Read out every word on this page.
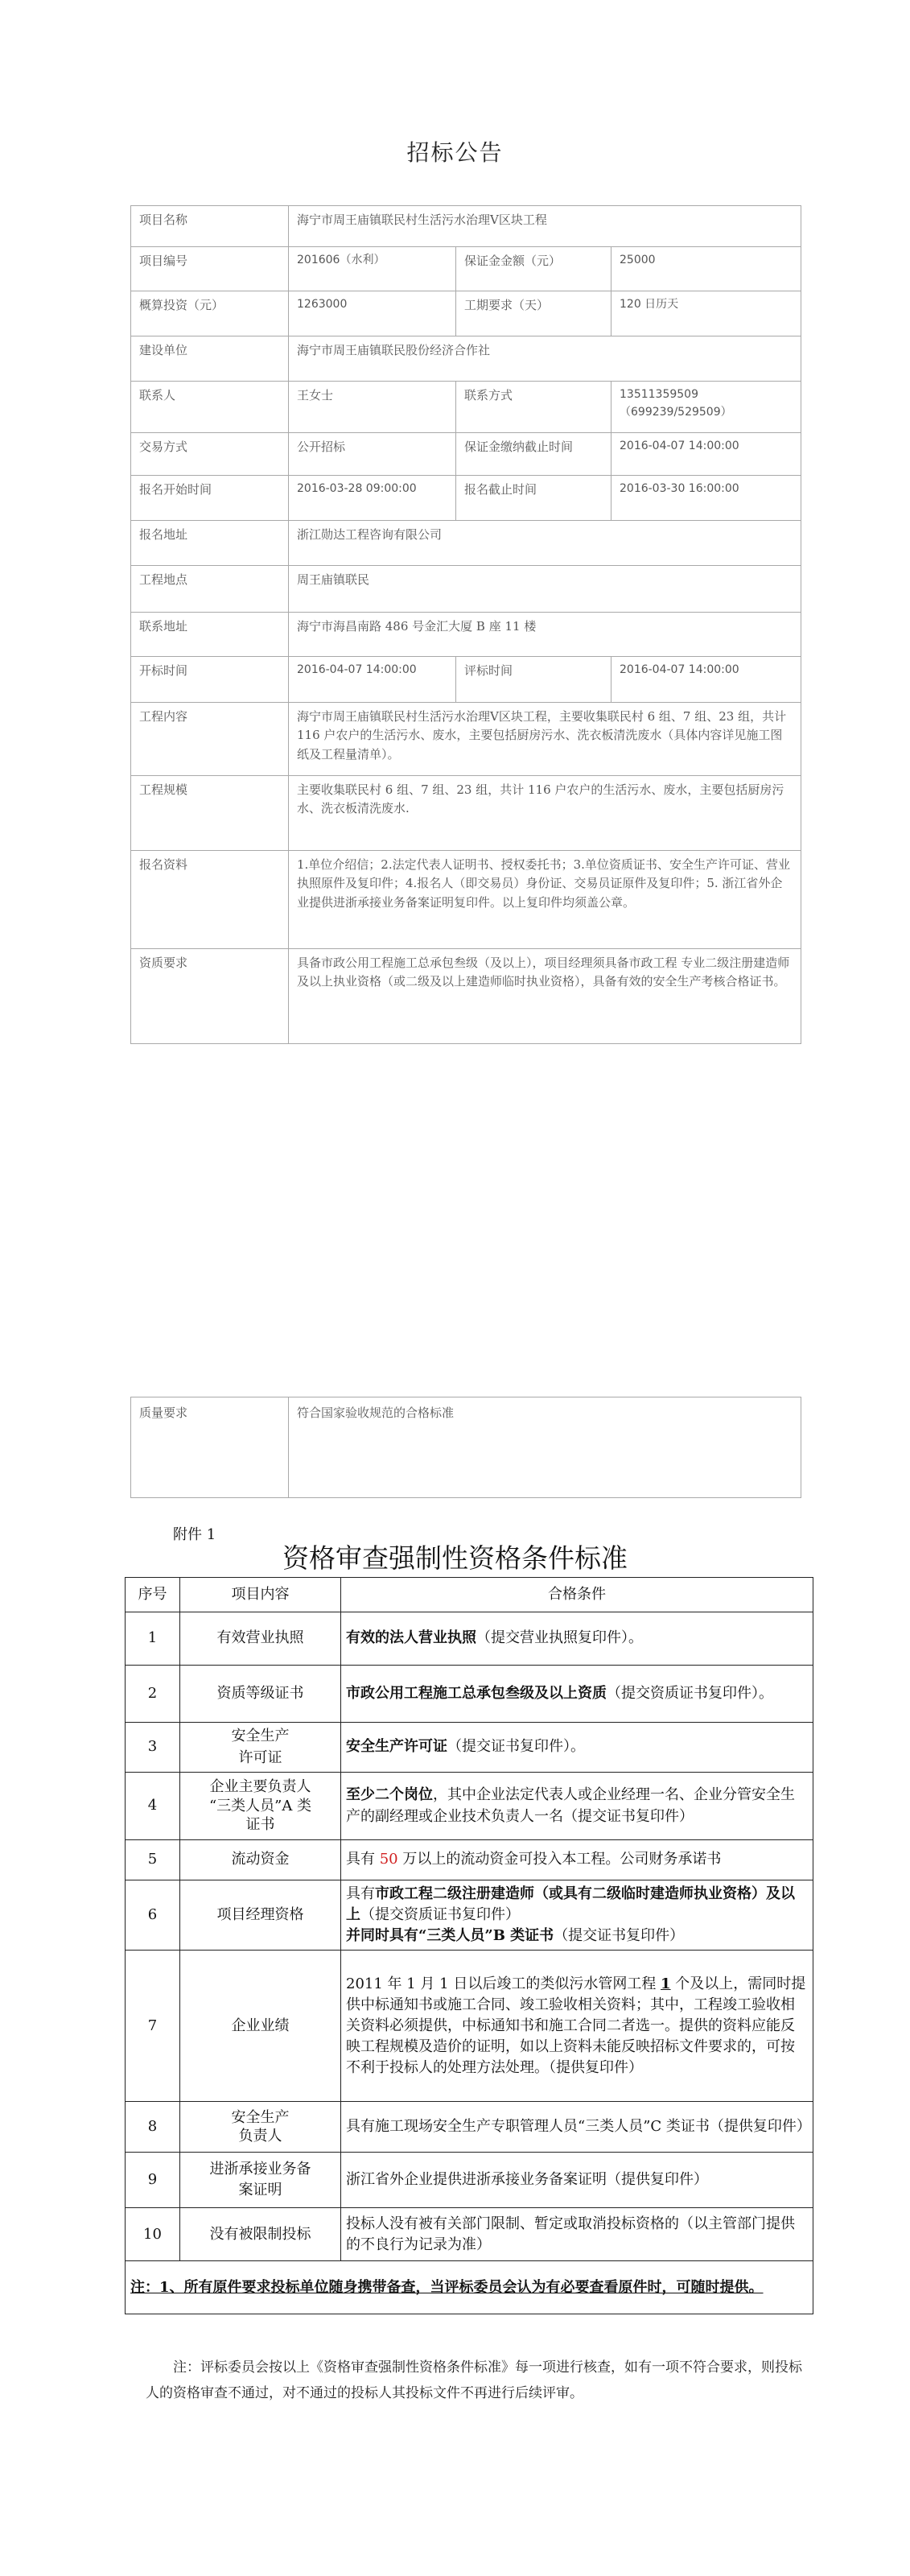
招标公告
项目名称	海宁市周王庙镇联民村生活污水治理Ⅴ区块工程		
项目编号	201606（水利）	保证金金额（元）	25000
概算投资（元）	1263000	工期要求（天）	120 日历天
建设单位	海宁市周王庙镇联民股份经济合作社		
联系人	王女士	联系方式	13511359509（699239/529509）
交易方式	公开招标	保证金缴纳截止时间	2016-04-07 14:00:00
报名开始时间	2016-03-28 09:00:00	报名截止时间	2016-03-30 16:00:00
报名地址	浙江勋达工程咨询有限公司		
工程地点	周王庙镇联民		
联系地址	海宁市海昌南路 486 号金汇大厦 B 座 11 楼		
开标时间	2016-04-07 14:00:00	评标时间	2016-04-07 14:00:00
工程内容	海宁市周王庙镇联民村生活污水治理Ⅴ区块工程，主要收集联民村 6 组、7 组、23 组，共计 116 户农户的生活污水、废水，主要包括厨房污水、洗衣板清洗废水（具体内容详见施工图纸及工程量清单）。		
工程规模	主要收集联民村 6 组、7 组、23 组，共计 116 户农户的生活污水、废水，主要包括厨房污水、洗衣板清洗废水.		
报名资料	1.单位介绍信；2.法定代表人证明书、授权委托书；3.单位资质证书、安全生产许可证、营业执照原件及复印件；4.报名人（即交易员）身份证、交易员证原件及复印件；5. 浙江省外企业提供进浙承接业务备案证明复印件。以上复印件均须盖公章。		
资质要求	具备市政公用工程施工总承包叁级（及以上），项目经理须具备市政工程 专业二级注册建造师及以上执业资格（或二级及以上建造师临时执业资格），具备有效的安全生产考核合格证书。		
质量要求	符合国家验收规范的合格标准
附件 1
资格审查强制性资格条件标准
序号	项目内容	合格条件
1	有效营业执照	有效的法人营业执照（提交营业执照复印件）。
2	资质等级证书	市政公用工程施工总承包叁级及以上资质（提交资质证书复印件）。
3	安全生产
许可证	安全生产许可证（提交证书复印件）。
4	企业主要负责人
“三类人员”A 类
证书	至少二个岗位，其中企业法定代表人或企业经理一名、企业分管安全生产的副经理或企业技术负责人一名（提交证书复印件）
5	流动资金	具有 50 万以上的流动资金可投入本工程。公司财务承诺书
6	项目经理资格	具有市政工程二级注册建造师（或具有二级临时建造师执业资格）及以上（提交资质证书复印件）
并同时具有“三类人员”B 类证书（提交证书复印件）
7	企业业绩	2011 年 1 月 1 日以后竣工的类似污水管网工程 1 个及以上，需同时提供中标通知书或施工合同、竣工验收相关资料；其中，工程竣工验收相关资料必须提供，中标通知书和施工合同二者选一。提供的资料应能反映工程规模及造价的证明，如以上资料未能反映招标文件要求的，可按不利于投标人的处理方法处理。（提供复印件）
8	安全生产
负责人	具有施工现场安全生产专职管理人员“三类人员”C 类证书（提供复印件）
9	进浙承接业务备
案证明	浙江省外企业提供进浙承接业务备案证明（提供复印件）
10	没有被限制投标	投标人没有被有关部门限制、暂定或取消投标资格的（以主管部门提供的不良行为记录为准）
注：1、所有原件要求投标单位随身携带备查，当评标委员会认为有必要查看原件时，可随时提供。		
注：评标委员会按以上《资格审查强制性资格条件标准》每一项进行核查，如有一项不符合要求，则投标人的资格审查不通过，对不通过的投标人其投标文件不再进行后续评审。
